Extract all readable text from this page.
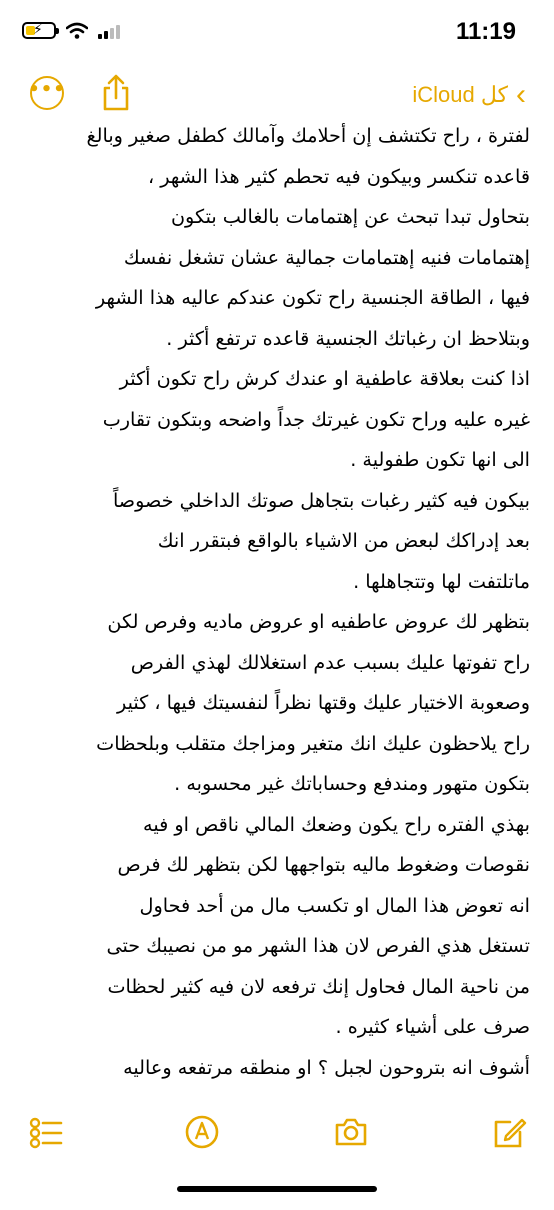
⚡	11:19
•••	›
كل iCloud

لفترة ، راح تكتشف إن أحلامك وآمالك كطفل صغير وبالغ

قاعده تنكسر وبيكون فيه تحطم كثير هذا الشهر ،

بتحاول تبدا تبحث عن إهتمامات بالغالب بتكون

إهتمامات فنيه إهتمامات جمالية عشان تشغل نفسك

فيها ، الطاقة الجنسية راح تكون عندكم عاليه هذا الشهر

وبتلاحظ ان رغباتك الجنسية قاعده ترتفع أكثر .

اذا كنت بعلاقة عاطفية او عندك كرش راح تكون أكثر

غيره عليه وراح تكون غيرتك جداً واضحه وبتكون تقارب

الى انها تكون طفولية .

بيكون فيه كثير رغبات بتجاهل صوتك الداخلي خصوصاً

بعد إدراكك لبعض من الاشياء بالواقع فبتقرر انك

ماتلتفت لها وتتجاهلها .

بتظهر لك عروض عاطفيه او عروض ماديه وفرص لكن

راح تفوتها عليك بسبب عدم استغلالك لهذي الفرص

وصعوبة الاختيار عليك وقتها نظراً لنفسيتك فيها ، كثير

راح يلاحظون عليك انك متغير ومزاجك متقلب وبلحظات

بتكون متهور ومندفع وحساباتك غير محسوبه .

بهذي الفتره راح يكون وضعك المالي ناقص او فيه

نقوصات وضغوط ماليه بتواجهها لكن بتظهر لك فرص

انه تعوض هذا المال او تكسب مال من أحد فحاول

تستغل هذي الفرص لان هذا الشهر مو من نصيبك حتى

من ناحية المال فحاول إنك ترفعه لان فيه كثير لحظات

صرف على أشياء كثيره .

أشوف انه بتروحون لجبل ؟ او منطقه مرتفعه وعاليه
